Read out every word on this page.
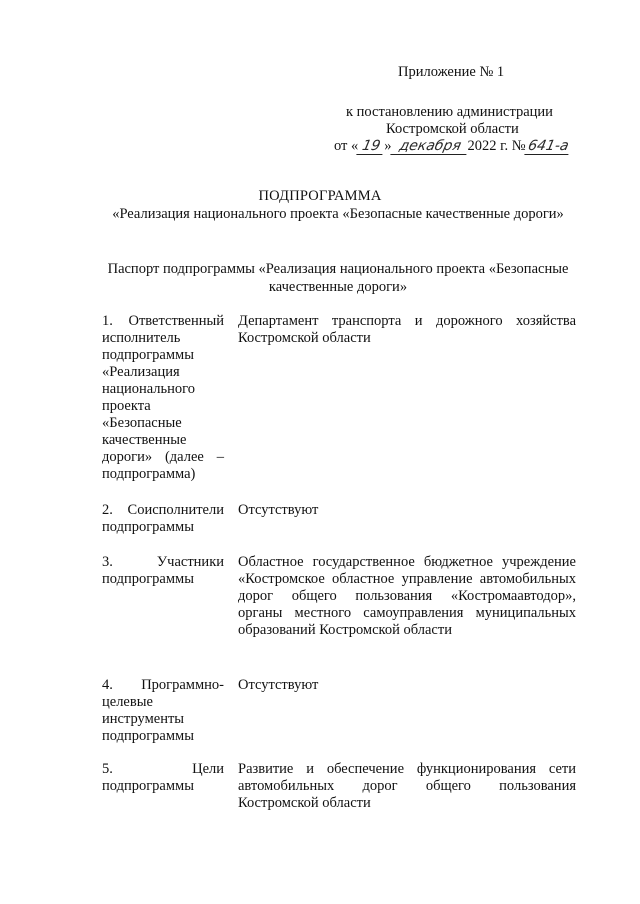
Приложение № 1
к постановлению администрации
Костромской области
от « 19 » декабря 2022 г. № 641-а
ПОДПРОГРАММА
«Реализация национального проекта «Безопасные качественные дороги»
Паспорт подпрограммы «Реализация национального проекта «Безопасные качественные дороги»
1. Ответственный исполнитель подпрограммы «Реализация национального проекта «Безопасные качественные дороги» (далее – подпрограмма)
Департамент транспорта и дорожного хозяйства Костромской области
2. Соисполнители подпрограммы
Отсутствуют
3. Участники подпрограммы
Областное государственное бюджетное учреждение «Костромское областное управление автомобильных дорог общего пользования «Костромаавтодор», органы местного самоуправления муниципальных образований Костромской области
4. Программно-целевые инструменты подпрограммы
Отсутствуют
5. Цели подпрограммы
Развитие и обеспечение функционирования сети автомобильных дорог общего пользования Костромской области
